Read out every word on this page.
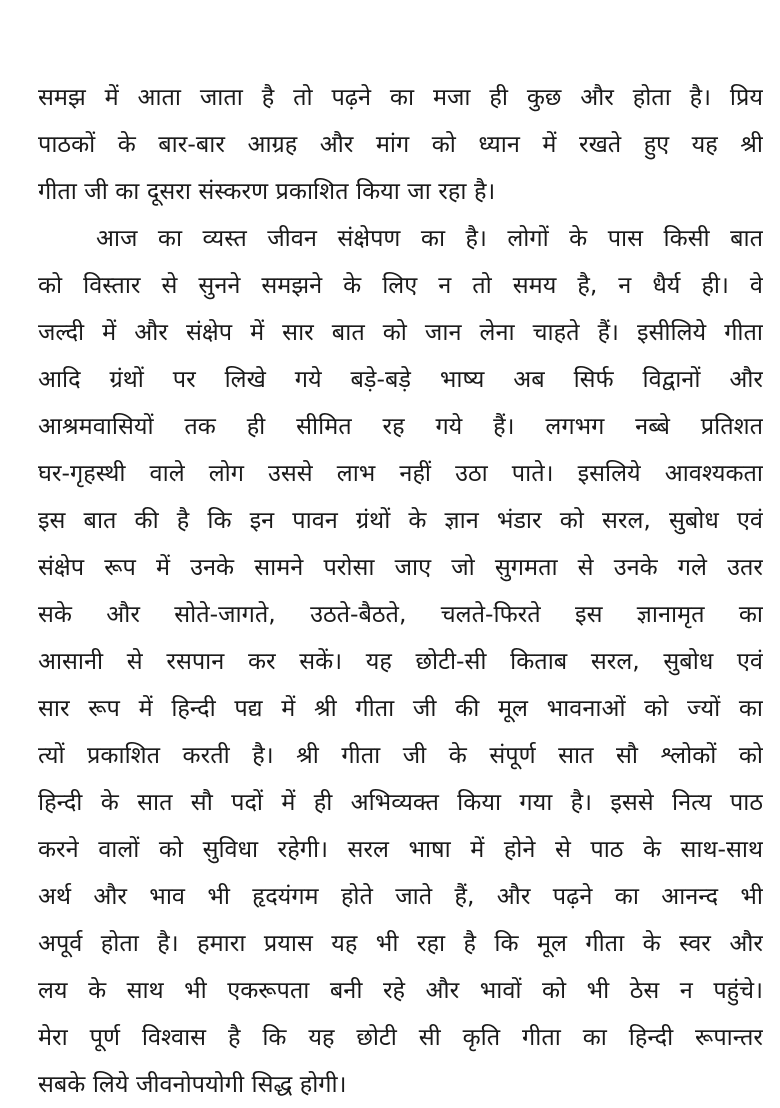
समझ में आता जाता है तो पढ़ने का मजा ही कुछ और होता है। प्रिय
पाठकों के बार-बार आग्रह और मांग को ध्यान में रखते हुए यह श्री
गीता जी का दूसरा संस्करण प्रकाशित किया जा रहा है।
आज का व्यस्त जीवन संक्षेपण का है। लोगों के पास किसी बात
को विस्तार से सुनने समझने के लिए न तो समय है, न धैर्य ही। वे
जल्दी में और संक्षेप में सार बात को जान लेना चाहते हैं। इसीलिये गीता
आदि ग्रंथों पर लिखे गये बड़े-बड़े भाष्य अब सिर्फ विद्वानों और
आश्रमवासियों तक ही सीमित रह गये हैं। लगभग नब्बे प्रतिशत
घर-गृहस्थी वाले लोग उससे लाभ नहीं उठा पाते। इसलिये आवश्यकता
इस बात की है कि इन पावन ग्रंथों के ज्ञान भंडार को सरल, सुबोध एवं
संक्षेप रूप में उनके सामने परोसा जाए जो सुगमता से उनके गले उतर
सके और सोते-जागते, उठते-बैठते, चलते-फिरते इस ज्ञानामृत का
आसानी से रसपान कर सकें। यह छोटी-सी किताब सरल, सुबोध एवं
सार रूप में हिन्दी पद्य में श्री गीता जी की मूल भावनाओं को ज्यों का
त्यों प्रकाशित करती है। श्री गीता जी के संपूर्ण सात सौ श्लोकों को
हिन्दी के सात सौ पदों में ही अभिव्यक्त किया गया है। इससे नित्य पाठ
करने वालों को सुविधा रहेगी। सरल भाषा में होने से पाठ के साथ-साथ
अर्थ और भाव भी हृदयंगम होते जाते हैं, और पढ़ने का आनन्द भी
अपूर्व होता है। हमारा प्रयास यह भी रहा है कि मूल गीता के स्वर और
लय के साथ भी एकरूपता बनी रहे और भावों को भी ठेस न पहुंचे।
मेरा पूर्ण विश्वास है कि यह छोटी सी कृति गीता का हिन्दी रूपान्तर
सबके लिये जीवनोपयोगी सिद्ध होगी।
